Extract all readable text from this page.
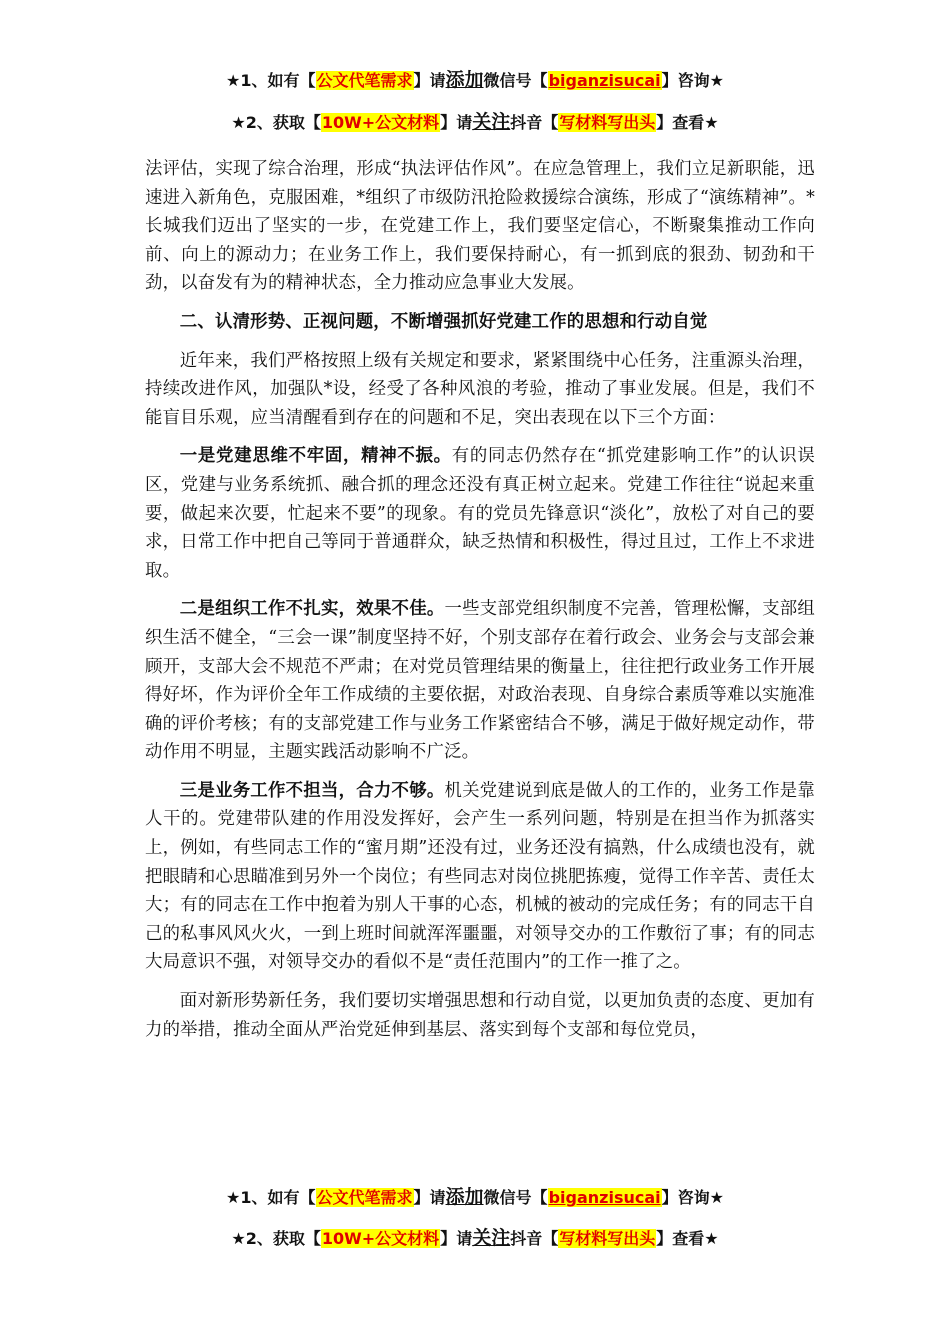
★1、如有【公文代笔需求】请添加微信号【biganzisucai】咨询★
★2、获取【10W+公文材料】请关注抖音【写材料写出头】查看★

法评估，实现了综合治理，形成“执法评估作风”。在应急管理上，我们立足新职能，迅速进入新角色，克服困难，*组织了市级防汛抢险救援综合演练，形成了“演练精神”。*长城我们迈出了坚实的一步，在党建工作上，我们要坚定信心，不断聚集推动工作向前、向上的源动力；在业务工作上，我们要保持耐心，有一抓到底的狠劲、韧劲和干劲，以奋发有为的精神状态，全力推动应急事业大发展。

二、认清形势、正视问题，不断增强抓好党建工作的思想和行动自觉

近年来，我们严格按照上级有关规定和要求，紧紧围绕中心任务，注重源头治理，持续改进作风，加强队*设，经受了各种风浪的考验，推动了事业发展。但是，我们不能盲目乐观，应当清醒看到存在的问题和不足，突出表现在以下三个方面：

一是党建思维不牢固，精神不振。有的同志仍然存在“抓党建影响工作”的认识误区，党建与业务系统抓、融合抓的理念还没有真正树立起来。党建工作往往“说起来重要，做起来次要，忙起来不要”的现象。有的党员先锋意识“淡化”，放松了对自己的要求，日常工作中把自己等同于普通群众，缺乏热情和积极性，得过且过，工作上不求进取。

二是组织工作不扎实，效果不佳。一些支部党组织制度不完善，管理松懈，支部组织生活不健全，“三会一课”制度坚持不好，个别支部存在着行政会、业务会与支部会兼顾开，支部大会不规范不严肃；在对党员管理结果的衡量上，往往把行政业务工作开展得好坏，作为评价全年工作成绩的主要依据，对政治表现、自身综合素质等难以实施准确的评价考核；有的支部党建工作与业务工作紧密结合不够，满足于做好规定动作，带动作用不明显，主题实践活动影响不广泛。

三是业务工作不担当，合力不够。机关党建说到底是做人的工作的，业务工作是靠人干的。党建带队建的作用没发挥好，会产生一系列问题，特别是在担当作为抓落实上，例如，有些同志工作的“蜜月期”还没有过，业务还没有搞熟，什么成绩也没有，就把眼睛和心思瞄准到另外一个岗位；有些同志对岗位挑肥拣瘦，觉得工作辛苦、责任太大；有的同志在工作中抱着为别人干事的心态，机械的被动的完成任务；有的同志干自己的私事风风火火，一到上班时间就浑浑噩噩，对领导交办的工作敷衍了事；有的同志大局意识不强，对领导交办的看似不是“责任范围内”的工作一推了之。

面对新形势新任务，我们要切实增强思想和行动自觉，以更加负责的态度、更加有力的举措，推动全面从严治党延伸到基层、落实到每个支部和每位党员，

★1、如有【公文代笔需求】请添加微信号【biganzisucai】咨询★
★2、获取【10W+公文材料】请关注抖音【写材料写出头】查看★
